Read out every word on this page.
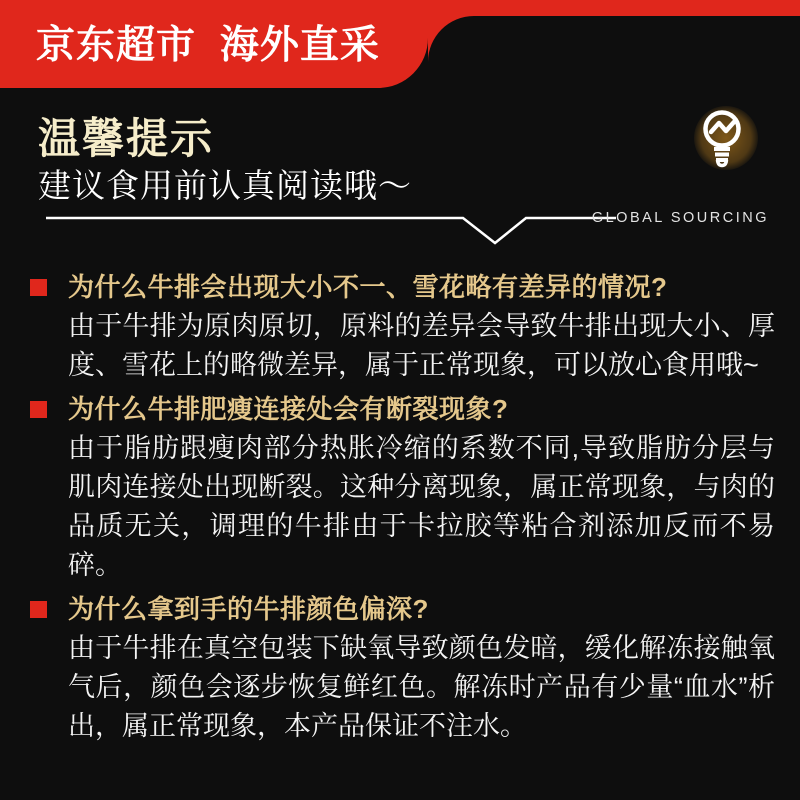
京东超市 海外直采
温馨提示
建议食用前认真阅读哦～
GLOBAL SOURCING
为什么牛排会出现大小不一、雪花略有差异的情况?
由于牛排为原肉原切，原料的差异会导致牛排出现大小、厚度、雪花上的略微差异，属于正常现象，可以放心食用哦~
为什么牛排肥瘦连接处会有断裂现象?
由于脂肪跟瘦肉部分热胀冷缩的系数不同,导致脂肪分层与肌肉连接处出现断裂。这种分离现象，属正常现象，与肉的品质无关，调理的牛排由于卡拉胶等粘合剂添加反而不易碎。
为什么拿到手的牛排颜色偏深?
由于牛排在真空包装下缺氧导致颜色发暗，缓化解冻接触氧气后，颜色会逐步恢复鲜红色。解冻时产品有少量“血水”析出，属正常现象，本产品保证不注水。
